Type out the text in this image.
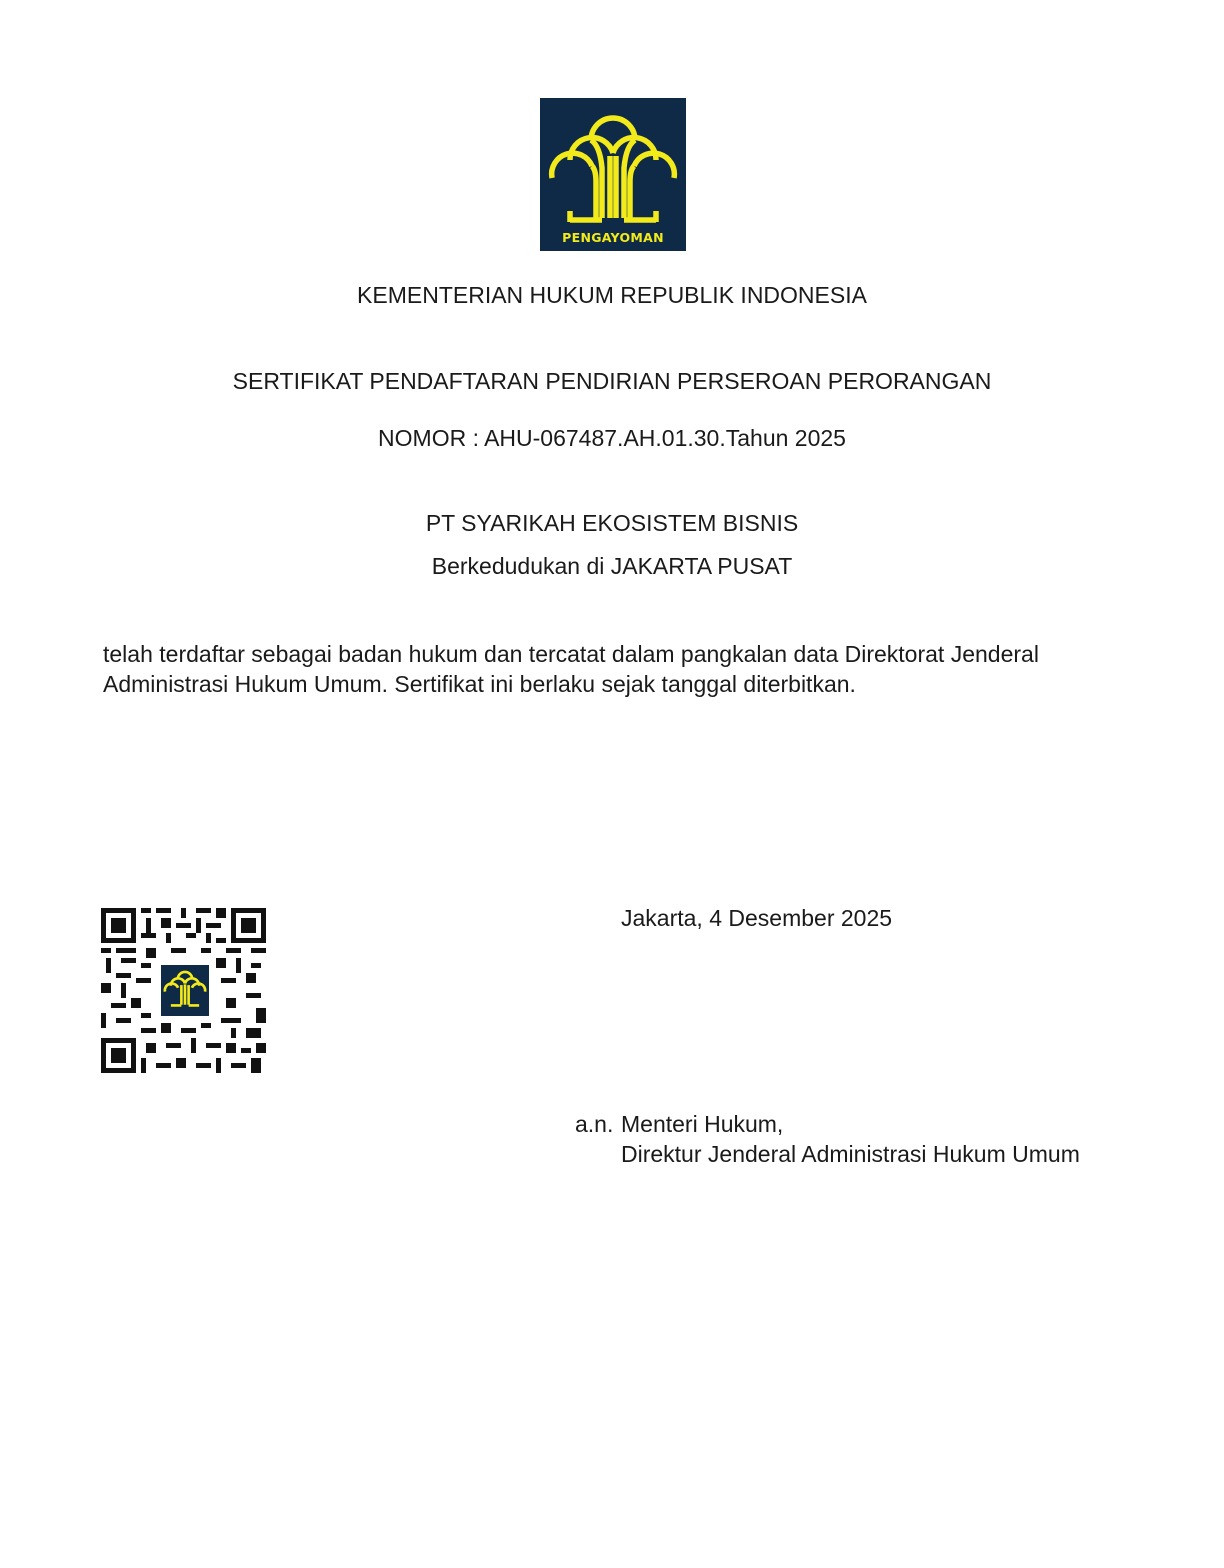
PENGAYOMAN
KEMENTERIAN HUKUM REPUBLIK INDONESIA
SERTIFIKAT PENDAFTARAN PENDIRIAN PERSEROAN PERORANGAN
NOMOR : AHU-067487.AH.01.30.Tahun 2025
PT SYARIKAH EKOSISTEM BISNIS
Berkedudukan di JAKARTA PUSAT
telah terdaftar sebagai badan hukum dan tercatat dalam pangkalan data Direktorat Jenderal
Administrasi Hukum Umum. Sertifikat ini berlaku sejak tanggal diterbitkan.
Jakarta, 4 Desember 2025
a.n. Menteri Hukum,
Direktur Jenderal Administrasi Hukum Umum
